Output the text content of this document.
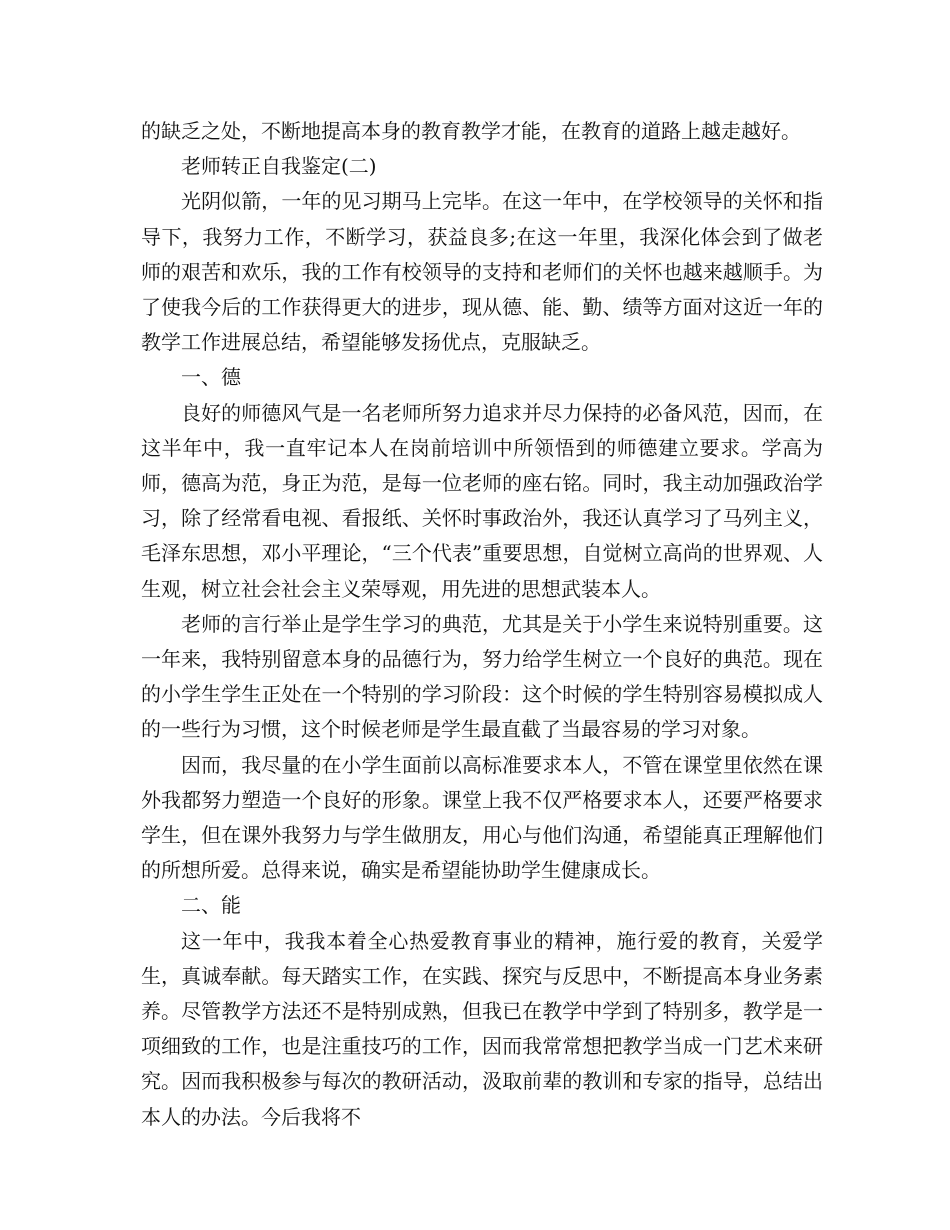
的缺乏之处，不断地提高本身的教育教学才能，在教育的道路上越走越好。

老师转正自我鉴定(二)

光阴似箭，一年的见习期马上完毕。在这一年中，在学校领导的关怀和指导下，我努力工作，不断学习，获益良多;在这一年里，我深化体会到了做老师的艰苦和欢乐，我的工作有校领导的支持和老师们的关怀也越来越顺手。为了使我今后的工作获得更大的进步，现从德、能、勤、绩等方面对这近一年的教学工作进展总结，希望能够发扬优点，克服缺乏。

一、德

良好的师德风气是一名老师所努力追求并尽力保持的必备风范，因而，在这半年中，我一直牢记本人在岗前培训中所领悟到的师德建立要求。学高为师，德高为范，身正为范，是每一位老师的座右铭。同时，我主动加强政治学习，除了经常看电视、看报纸、关怀时事政治外，我还认真学习了马列主义，毛泽东思想，邓小平理论，“三个代表”重要思想，自觉树立高尚的世界观、人生观，树立社会社会主义荣辱观，用先进的思想武装本人。

老师的言行举止是学生学习的典范，尤其是关于小学生来说特别重要。这一年来，我特别留意本身的品德行为，努力给学生树立一个良好的典范。现在的小学生学生正处在一个特别的学习阶段：这个时候的学生特别容易模拟成人的一些行为习惯，这个时候老师是学生最直截了当最容易的学习对象。

因而，我尽量的在小学生面前以高标准要求本人，不管在课堂里依然在课外我都努力塑造一个良好的形象。课堂上我不仅严格要求本人，还要严格要求学生，但在课外我努力与学生做朋友，用心与他们沟通，希望能真正理解他们的所想所爱。总得来说，确实是希望能协助学生健康成长。

二、能

这一年中，我我本着全心热爱教育事业的精神，施行爱的教育，关爱学生，真诚奉献。每天踏实工作，在实践、探究与反思中，不断提高本身业务素养。尽管教学方法还不是特别成熟，但我已在教学中学到了特别多，教学是一项细致的工作，也是注重技巧的工作，因而我常常想把教学当成一门艺术来研究。因而我积极参与每次的教研活动，汲取前辈的教训和专家的指导，总结出本人的办法。今后我将不
